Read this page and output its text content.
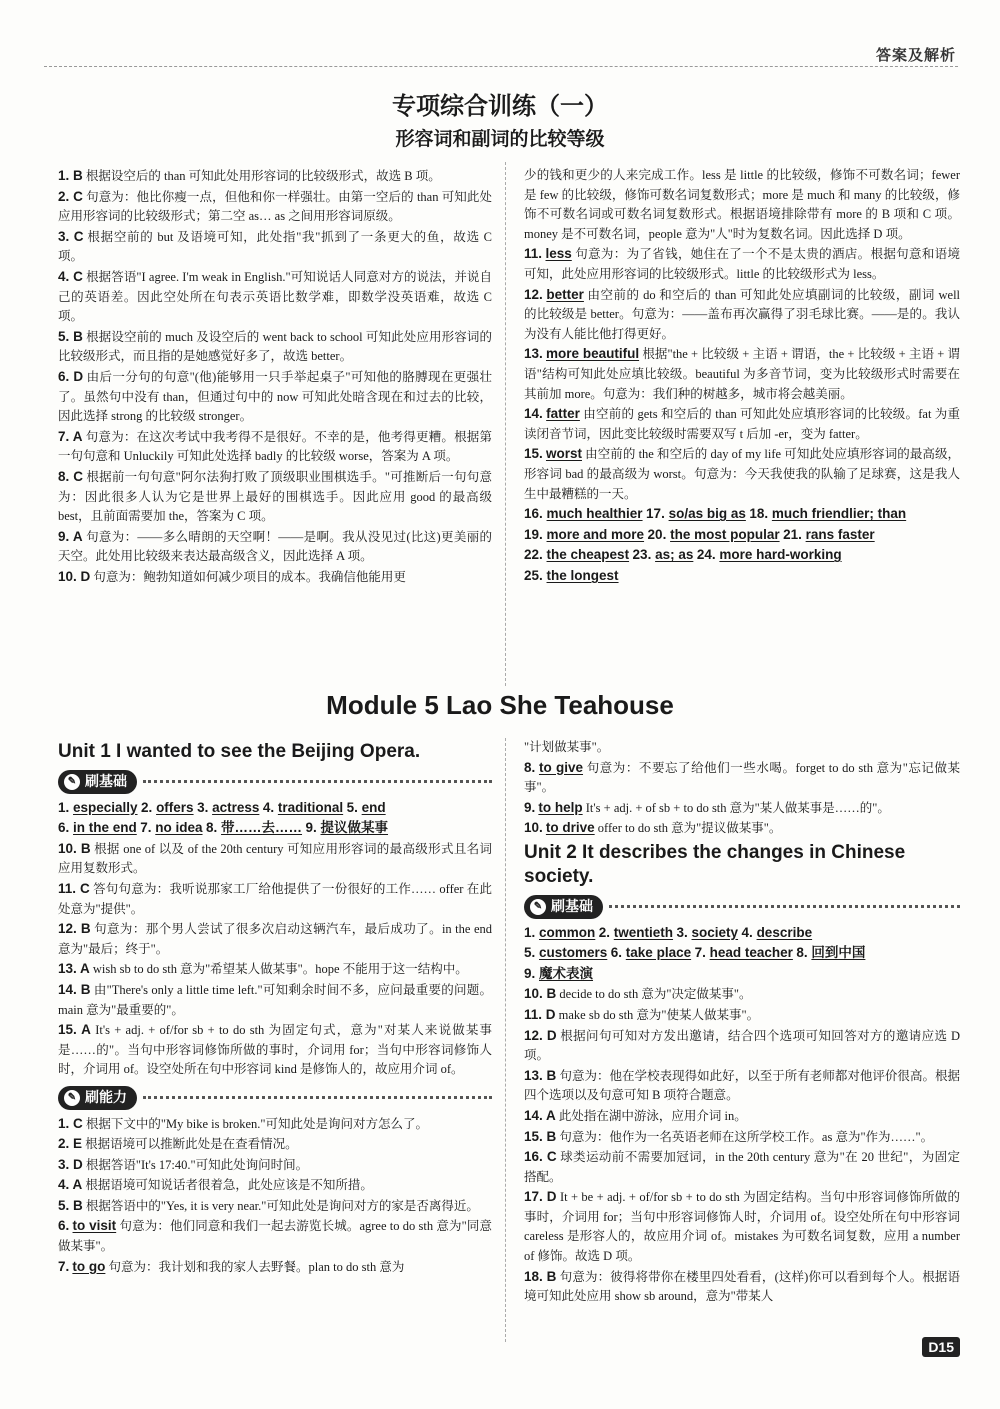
答案及解析
专项综合训练（一）
形容词和副词的比较等级

1. B 根据设空后的 than 可知此处用形容词的比较级形式，故选 B 项。

2. C 句意为：他比你瘦一点，但他和你一样强壮。由第一空后的 than 可知此处应用形容词的比较级形式；第二空 as… as 之间用形容词原级。

3. C 根据空前的 but 及语境可知，此处指"我"抓到了一条更大的鱼，故选 C 项。

4. C 根据答语"I agree. I'm weak in English."可知说话人同意对方的说法，并说自己的英语差。因此空处所在句表示英语比数学难，即数学没英语难，故选 C 项。

5. B 根据设空前的 much 及设空后的 went back to school 可知此处应用形容词的比较级形式，而且指的是她感觉好多了，故选 better。

6. D 由后一分句的句意"(他)能够用一只手举起桌子"可知他的胳膊现在更强壮了。虽然句中没有 than，但通过句中的 now 可知此处暗含现在和过去的比较，因此选择 strong 的比较级 stronger。

7. A 句意为：在这次考试中我考得不是很好。不幸的是，他考得更糟。根据第一句句意和 Unluckily 可知此处选择 badly 的比较级 worse，答案为 A 项。

8. C 根据前一句句意"阿尔法狗打败了顶级职业围棋选手。"可推断后一句句意为：因此很多人认为它是世界上最好的围棋选手。因此应用 good 的最高级 best，且前面需要加 the，答案为 C 项。

9. A 句意为：——多么晴朗的天空啊！——是啊。我从没见过(比这)更美丽的天空。此处用比较级来表达最高级含义，因此选择 A 项。

10. D 句意为：鲍勃知道如何减少项目的成本。我确信他能用更

少的钱和更少的人来完成工作。less 是 little 的比较级，修饰不可数名词；fewer 是 few 的比较级，修饰可数名词复数形式；more 是 much 和 many 的比较级，修饰不可数名词或可数名词复数形式。根据语境排除带有 more 的 B 项和 C 项。money 是不可数名词，people 意为"人"时为复数名词。因此选择 D 项。

11. less 句意为：为了省钱，她住在了一个不是太贵的酒店。根据句意和语境可知，此处应用形容词的比较级形式。little 的比较级形式为 less。

12. better 由空前的 do 和空后的 than 可知此处应填副词的比较级，副词 well 的比较级是 better。句意为：——盖布再次赢得了羽毛球比赛。——是的。我认为没有人能比他打得更好。

13. more beautiful 根据"the + 比较级 + 主语 + 谓语，the + 比较级 + 主语 + 谓语"结构可知此处应填比较级。beautiful 为多音节词，变为比较级形式时需要在其前加 more。句意为：我们种的树越多，城市将会越美丽。

14. fatter 由空前的 gets 和空后的 than 可知此处应填形容词的比较级。fat 为重读闭音节词，因此变比较级时需要双写 t 后加 -er，变为 fatter。

15. worst 由空前的 the 和空后的 day of my life 可知此处应填形容词的最高级，形容词 bad 的最高级为 worst。句意为：今天我使我的队输了足球赛，这是我人生中最糟糕的一天。

16. much healthier 17. so/as big as 18. much friendlier; than

19. more and more 20. the most popular 21. rans faster

22. the cheapest 23. as; as 24. more hard-working

25. the longest

Module 5 Lao She Teahouse
Unit 1 I wanted to see the Beijing Opera.
✎ 刷基础

1. especially 2. offers 3. actress 4. traditional 5. end

6. in the end 7. no idea 8. 带……去…… 9. 提议做某事

10. B 根据 one of 以及 of the 20th century 可知应用形容词的最高级形式且名词应用复数形式。

11. C 答句句意为：我听说那家工厂给他提供了一份很好的工作…… offer 在此处意为"提供"。

12. B 句意为：那个男人尝试了很多次启动这辆汽车，最后成功了。in the end 意为"最后；终于"。

13. A wish sb to do sth 意为"希望某人做某事"。hope 不能用于这一结构中。

14. B 由"There's only a little time left."可知剩余时间不多，应问最重要的问题。main 意为"最重要的"。

15. A It's + adj. + of/for sb + to do sth 为固定句式，意为"对某人来说做某事是……的"。当句中形容词修饰所做的事时，介词用 for；当句中形容词修饰人时，介词用 of。设空处所在句中形容词 kind 是修饰人的，故应用介词 of。

✎ 刷能力

1. C 根据下文中的"My bike is broken."可知此处是询问对方怎么了。

2. E 根据语境可以推断此处是在查看情况。

3. D 根据答语"It's 17:40."可知此处询问时间。

4. A 根据语境可知说话者很着急，此处应该是不知所措。

5. B 根据答语中的"Yes, it is very near."可知此处是询问对方的家是否离得近。

6. to visit 句意为：他们同意和我们一起去游览长城。agree to do sth 意为"同意做某事"。

7. to go 句意为：我计划和我的家人去野餐。plan to do sth 意为

"计划做某事"。

8. to give 句意为：不要忘了给他们一些水喝。forget to do sth 意为"忘记做某事"。

9. to help It's + adj. + of sb + to do sth 意为"某人做某事是……的"。

10. to drive offer to do sth 意为"提议做某事"。

Unit 2 It describes the changes in Chinese society.
✎ 刷基础

1. common 2. twentieth 3. society 4. describe

5. customers 6. take place 7. head teacher 8. 回到中国

9. 魔术表演

10. B decide to do sth 意为"决定做某事"。

11. D make sb do sth 意为"使某人做某事"。

12. D 根据问句可知对方发出邀请，结合四个选项可知回答对方的邀请应选 D 项。

13. B 句意为：他在学校表现得如此好，以至于所有老师都对他评价很高。根据四个选项以及句意可知 B 项符合题意。

14. A 此处指在湖中游泳，应用介词 in。

15. B 句意为：他作为一名英语老师在这所学校工作。as 意为"作为……"。

16. C 球类运动前不需要加冠词，in the 20th century 意为"在 20 世纪"，为固定搭配。

17. D It + be + adj. + of/for sb + to do sth 为固定结构。当句中形容词修饰所做的事时，介词用 for；当句中形容词修饰人时，介词用 of。设空处所在句中形容词 careless 是形容人的，故应用介词 of。mistakes 为可数名词复数，应用 a number of 修饰。故选 D 项。

18. B 句意为：彼得将带你在楼里四处看看，(这样)你可以看到每个人。根据语境可知此处应用 show sb around，意为"带某人

D15
